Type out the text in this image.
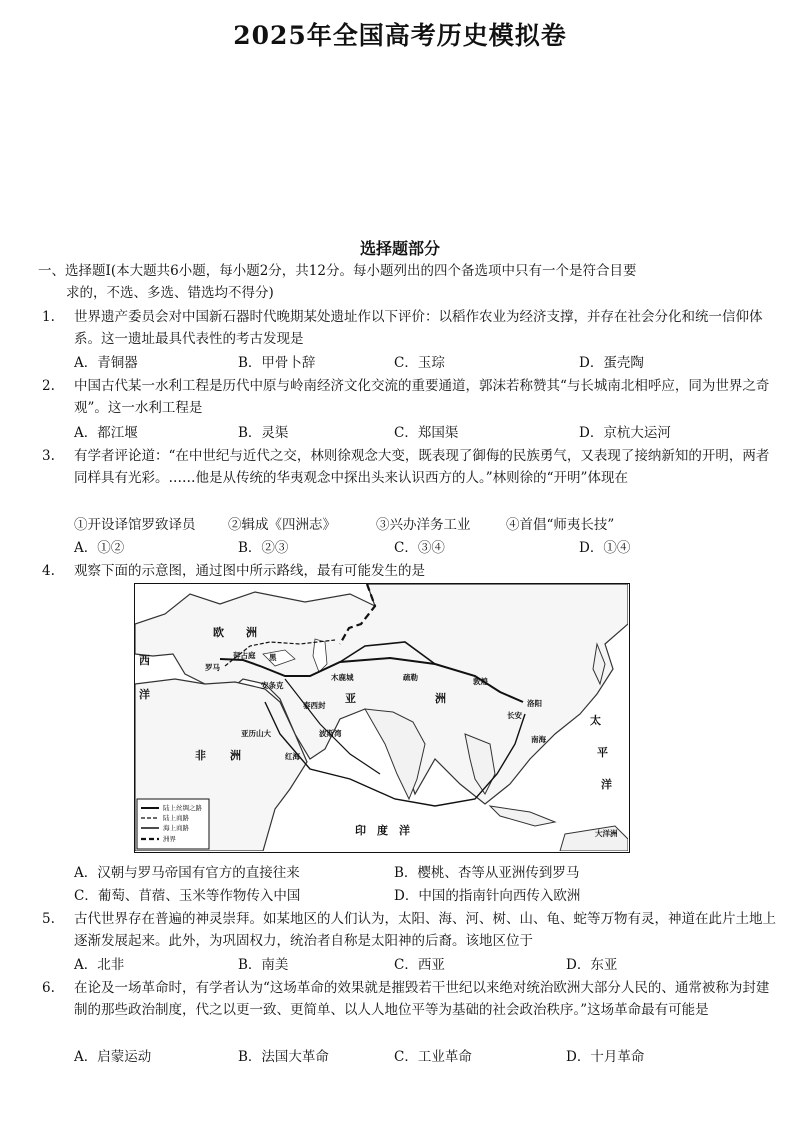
2025年全国高考历史模拟卷
选择题部分
一、选择题Ⅰ(本大题共6小题，每小题2分，共12分。每小题列出的四个备选项中只有一个是符合目要
求的，不选、多选、错选均不得分)
1.	世界遗产委员会对中国新石器时代晚期某处遗址作以下评价：以稻作农业为经济支撑，并存在社会分化和统一信仰体系。这一遗址最具代表性的考古发现是
A．青铜器	B．甲骨卜辞	C．玉琮	D．蛋壳陶
2.	中国古代某一水利工程是历代中原与岭南经济文化交流的重要通道，郭沫若称赞其“与长城南北相呼应，同为世界之奇观”。这一水利工程是
A．都江堰	B．灵渠	C．郑国渠	D．京杭大运河
3.	有学者评论道：“在中世纪与近代之交，林则徐观念大变，既表现了御侮的民族勇气，又表现了接纳新知的开明，两者同样具有光彩。……他是从传统的华夷观念中探出头来认识西方的人。”林则徐的“开明”体现在
①开设译馆罗致译员 ②辑成《四洲志》	③兴办洋务工业	④首倡“师夷长技”
A．①②	B．②③	C．③④	D．①④
4.	观察下面的示意图，通过图中所示路线，最有可能发生的是
欧　　洲
亚	洲
非 洲
印　度　洋
太
平
洋
西
洋
罗马
拜占庭 黑
安条克
木鹿城	疏勒	敦煌
长安
洛阳
泰西封
亚历山大
红海
波斯湾
南海
大洋洲
陆上丝绸之路
陆上商路
海上商路
洲界
A．汉朝与罗马帝国有官方的直接往来	B．樱桃、杏等从亚洲传到罗马
C．葡萄、苜蓿、玉米等作物传入中国	D．中国的指南针向西传入欧洲
5.	古代世界存在普遍的神灵崇拜。如某地区的人们认为，太阳、海、河、树、山、龟、蛇等万物有灵，神道在此片土地上逐渐发展起来。此外，为巩固权力，统治者自称是太阳神的后裔。该地区位于
A．北非	B．南美	C．西亚	D．东亚
6.	在论及一场革命时，有学者认为“这场革命的效果就是摧毁若干世纪以来绝对统治欧洲大部分人民的、通常被称为封建制的那些政治制度，代之以更一致、更简单、以人人地位平等为基础的社会政治秩序。”这场革命最有可能是
A．启蒙运动	B．法国大革命	C．工业革命	D．十月革命
